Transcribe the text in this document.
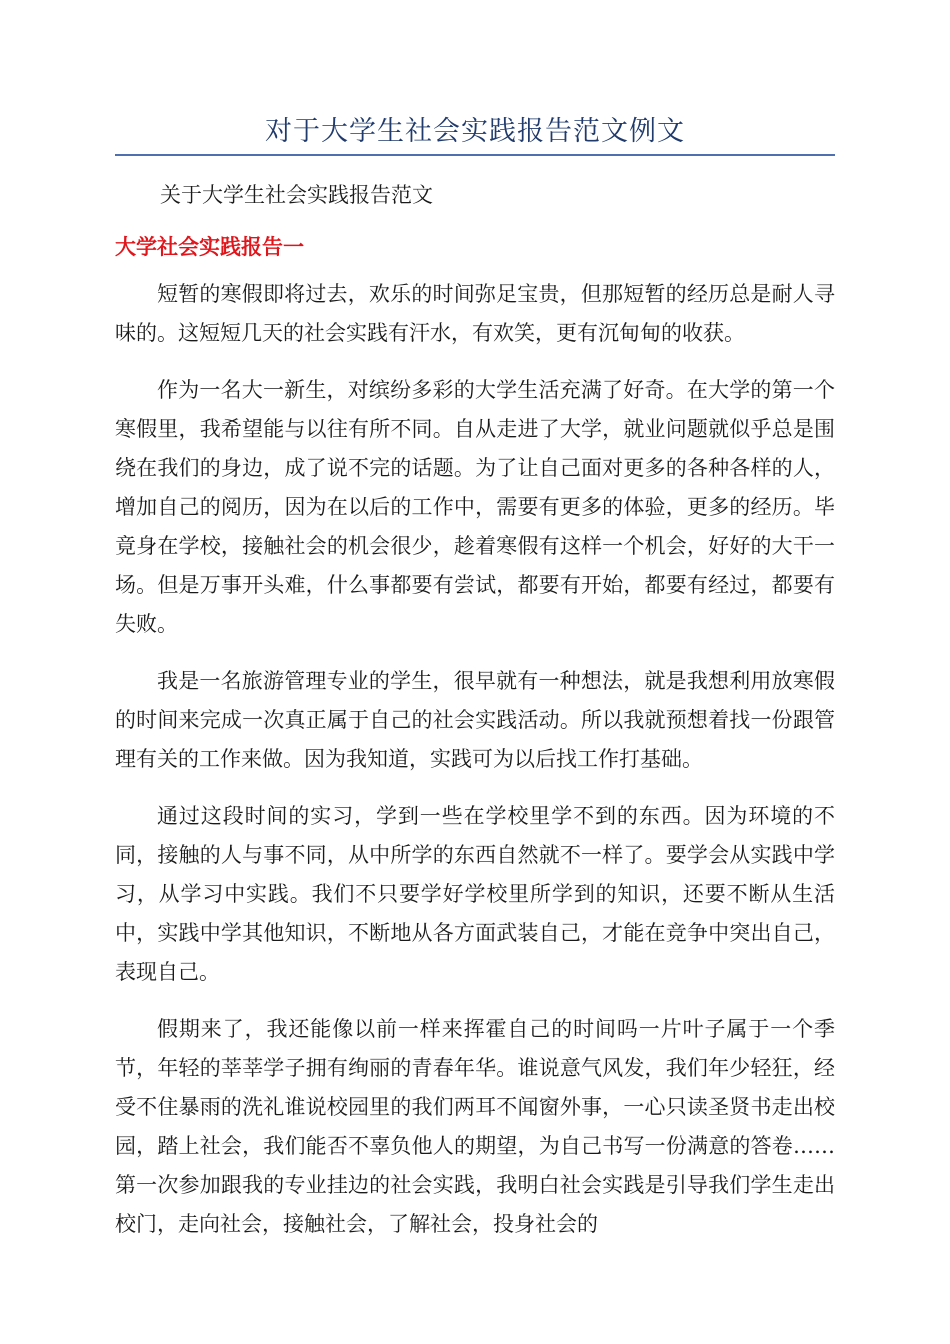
对于大学生社会实践报告范文例文

关于大学生社会实践报告范文

大学社会实践报告一

短暂的寒假即将过去，欢乐的时间弥足宝贵，但那短暂的经历总是耐人寻味的。这短短几天的社会实践有汗水，有欢笑，更有沉甸甸的收获。

作为一名大一新生，对缤纷多彩的大学生活充满了好奇。在大学的第一个寒假里，我希望能与以往有所不同。自从走进了大学，就业问题就似乎总是围绕在我们的身边，成了说不完的话题。为了让自己面对更多的各种各样的人，增加自己的阅历，因为在以后的工作中，需要有更多的体验，更多的经历。毕竟身在学校，接触社会的机会很少，趁着寒假有这样一个机会，好好的大干一场。但是万事开头难，什么事都要有尝试，都要有开始，都要有经过，都要有失败。

我是一名旅游管理专业的学生，很早就有一种想法，就是我想利用放寒假的时间来完成一次真正属于自己的社会实践活动。所以我就预想着找一份跟管理有关的工作来做。因为我知道，实践可为以后找工作打基础。

通过这段时间的实习，学到一些在学校里学不到的东西。因为环境的不同，接触的人与事不同，从中所学的东西自然就不一样了。要学会从实践中学习，从学习中实践。我们不只要学好学校里所学到的知识，还要不断从生活中，实践中学其他知识，不断地从各方面武装自己，才能在竞争中突出自己，表现自己。

假期来了，我还能像以前一样来挥霍自己的时间吗一片叶子属于一个季节，年轻的莘莘学子拥有绚丽的青春年华。谁说意气风发，我们年少轻狂，经受不住暴雨的洗礼谁说校园里的我们两耳不闻窗外事，一心只读圣贤书走出校园，踏上社会，我们能否不辜负他人的期望，为自己书写一份满意的答卷……第一次参加跟我的专业挂边的社会实践，我明白社会实践是引导我们学生走出校门，走向社会，接触社会，了解社会，投身社会的
